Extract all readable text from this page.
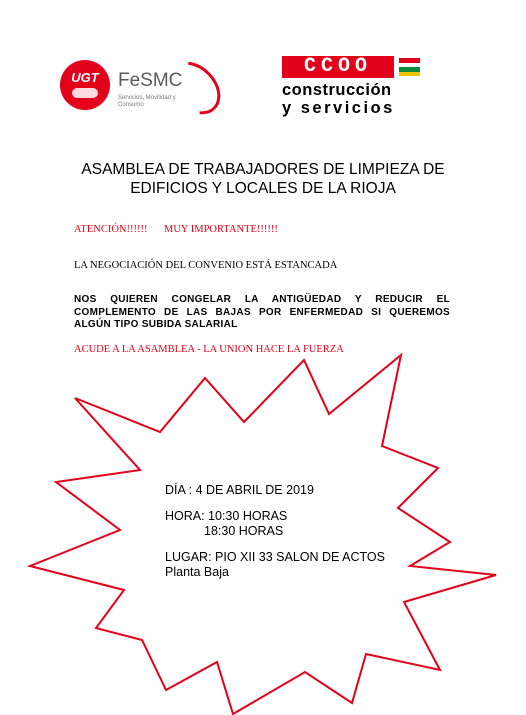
UGT	FeSMC
Servicios, Movilidad y Consumo
CCOO
construcción
y servicios
ASAMBLEA DE TRABAJADORES DE LIMPIEZA DE
EDIFICIOS Y LOCALES DE LA RIOJA
ATENCIÓN!!!!!! MUY IMPORTANTE!!!!!!
LA NEGOCIACIÓN DEL CONVENIO ESTÁ ESTANCADA
NOS QUIEREN CONGELAR LA ANTIGÜEDAD Y REDUCIR EL
COMPLEMENTO DE LAS BAJAS POR ENFERMEDAD SI QUEREMOS
ALGÚN TIPO SUBIDA SALARIAL
ACUDE A LA ASAMBLEA - LA UNION HACE LA FUERZA
DÍA : 4 DE ABRIL DE 2019
HORA: 10:30 HORAS
18:30 HORAS
LUGAR: PIO XII 33 SALON DE ACTOS
Planta Baja
